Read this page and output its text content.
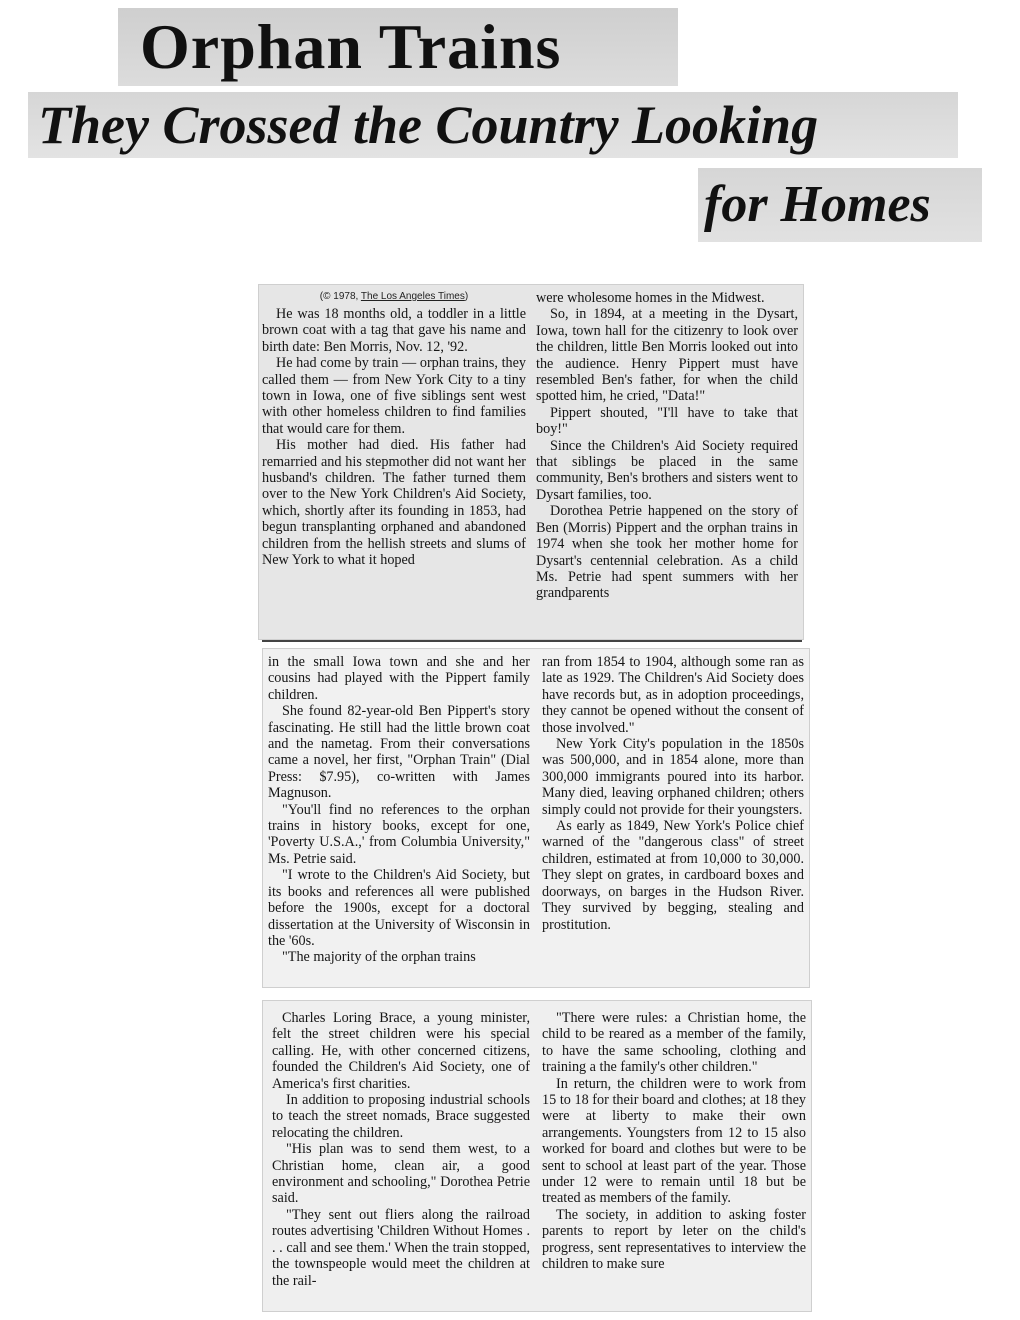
Orphan Trains
They Crossed the Country Looking
for Homes
(© 1978, The Los Angeles Times)

He was 18 months old, a toddler in a little brown coat with a tag that gave his name and birth date: Ben Morris, Nov. 12, '92.

He had come by train — orphan trains, they called them — from New York City to a tiny town in Iowa, one of five siblings sent west with other homeless children to find families that would care for them.

His mother had died. His father had remarried and his stepmother did not want her husband's children. The father turned them over to the New York Children's Aid Society, which, shortly after its founding in 1853, had begun transplanting orphaned and abandoned children from the hellish streets and slums of New York to what it hoped

were wholesome homes in the Midwest.

So, in 1894, at a meeting in the Dysart, Iowa, town hall for the citizenry to look over the children, little Ben Morris looked out into the audience. Henry Pippert must have resembled Ben's father, for when the child spotted him, he cried, "Data!"

Pippert shouted, "I'll have to take that boy!"

Since the Children's Aid Society required that siblings be placed in the same community, Ben's brothers and sisters went to Dysart families, too.

Dorothea Petrie happened on the story of Ben (Morris) Pippert and the orphan trains in 1974 when she took her mother home for Dysart's centennial celebration. As a child Ms. Petrie had spent summers with her grandparents

in the small Iowa town and she and her cousins had played with the Pippert family children.

She found 82-year-old Ben Pippert's story fascinating. He still had the little brown coat and the nametag. From their conversations came a novel, her first, "Orphan Train" (Dial Press: $7.95), co-written with James Magnuson.

"You'll find no references to the orphan trains in history books, except for one, 'Poverty U.S.A.,' from Columbia University," Ms. Petrie said.

"I wrote to the Children's Aid Society, but its books and references all were published before the 1900s, except for a doctoral dissertation at the University of Wisconsin in the '60s.

"The majority of the orphan trains

ran from 1854 to 1904, although some ran as late as 1929. The Children's Aid Society does have records but, as in adoption proceedings, they cannot be opened without the consent of those involved."

New York City's population in the 1850s was 500,000, and in 1854 alone, more than 300,000 immigrants poured into its harbor. Many died, leaving orphaned children; others simply could not provide for their youngsters.

As early as 1849, New York's Police chief warned of the "dangerous class" of street children, estimated at from 10,000 to 30,000. They slept on grates, in cardboard boxes and doorways, on barges in the Hudson River. They survived by begging, stealing and prostitution.

Charles Loring Brace, a young minister, felt the street children were his special calling. He, with other concerned citizens, founded the Children's Aid Society, one of America's first charities.

In addition to proposing industrial schools to teach the street nomads, Brace suggested relocating the children.

"His plan was to send them west, to a Christian home, clean air, a good environment and schooling," Dorothea Petrie said.

"They sent out fliers along the railroad routes advertising 'Children Without Homes . . . call and see them.' When the train stopped, the townspeople would meet the children at the rail-

"There were rules: a Christian home, the child to be reared as a member of the family, to have the same schooling, clothing and training a the family's other children."

In return, the children were to work from 15 to 18 for their board and clothes; at 18 they were at liberty to make their own arrangements. Youngsters from 12 to 15 also worked for board and clothes but were to be sent to school at least part of the year. Those under 12 were to remain until 18 but be treated as members of the family.

The society, in addition to asking foster parents to report by leter on the child's progress, sent representatives to interview the children to make sure
